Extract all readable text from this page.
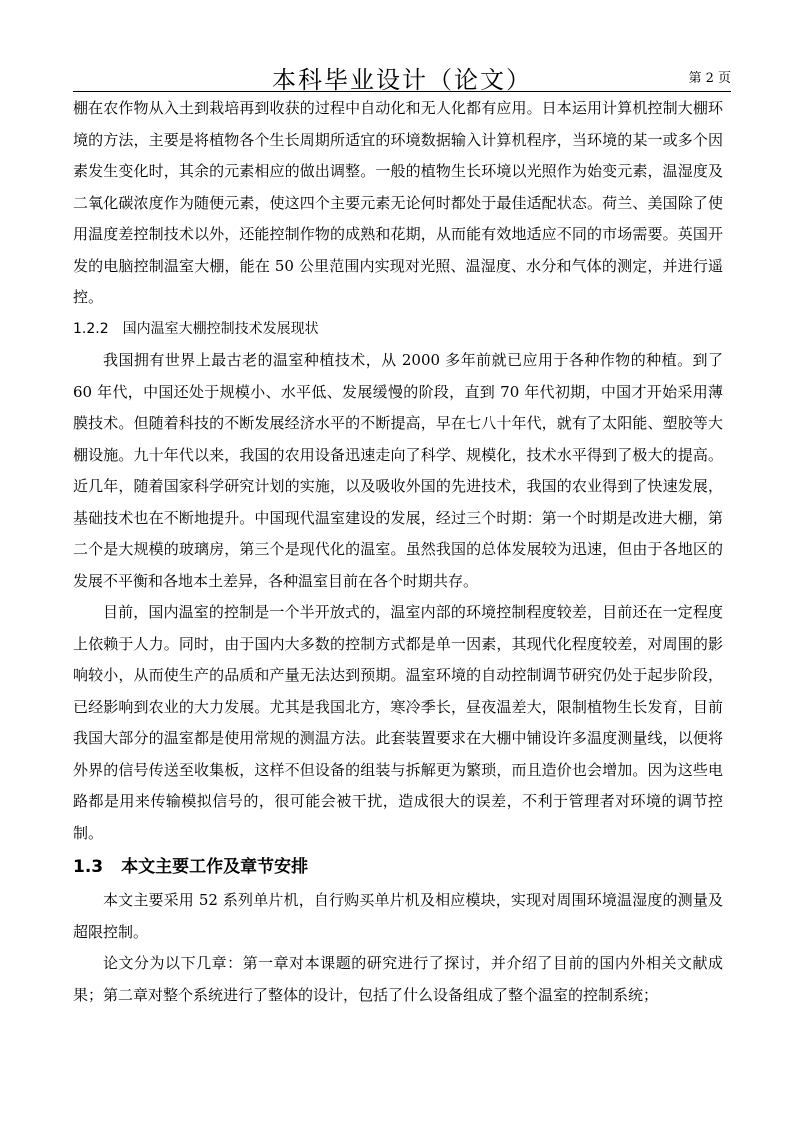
本科毕业设计（论文）	第 2 页

棚在农作物从入土到栽培再到收获的过程中自动化和无人化都有应用。日本运用计算机控制大棚环境的方法，主要是将植物各个生长周期所适宜的环境数据输入计算机程序，当环境的某一或多个因素发生变化时，其余的元素相应的做出调整。一般的植物生长环境以光照作为始变元素，温湿度及二氧化碳浓度作为随便元素，使这四个主要元素无论何时都处于最佳适配状态。荷兰、美国除了使用温度差控制技术以外，还能控制作物的成熟和花期，从而能有效地适应不同的市场需要。英国开发的电脑控制温室大棚，能在 50 公里范围内实现对光照、温湿度、水分和气体的测定，并进行遥控。

1.2.2 国内温室大棚控制技术发展现状

我国拥有世界上最古老的温室种植技术，从 2000 多年前就已应用于各种作物的种植。到了 60 年代，中国还处于规模小、水平低、发展缓慢的阶段，直到 70 年代初期，中国才开始采用薄膜技术。但随着科技的不断发展经济水平的不断提高，早在七八十年代，就有了太阳能、塑胶等大棚设施。九十年代以来，我国的农用设备迅速走向了科学、规模化，技术水平得到了极大的提高。近几年，随着国家科学研究计划的实施，以及吸收外国的先进技术，我国的农业得到了快速发展，基础技术也在不断地提升。中国现代温室建设的发展，经过三个时期：第一个时期是改进大棚，第二个是大规模的玻璃房，第三个是现代化的温室。虽然我国的总体发展较为迅速，但由于各地区的发展不平衡和各地本土差异，各种温室目前在各个时期共存。

目前，国内温室的控制是一个半开放式的，温室内部的环境控制程度较差，目前还在一定程度上依赖于人力。同时，由于国内大多数的控制方式都是单一因素，其现代化程度较差，对周围的影响较小，从而使生产的品质和产量无法达到预期。温室环境的自动控制调节研究仍处于起步阶段，已经影响到农业的大力发展。尤其是我国北方，寒冷季长，昼夜温差大，限制植物生长发育，目前我国大部分的温室都是使用常规的测温方法。此套装置要求在大棚中铺设许多温度测量线，以便将外界的信号传送至收集板，这样不但设备的组装与拆解更为繁琐，而且造价也会增加。因为这些电路都是用来传输模拟信号的，很可能会被干扰，造成很大的误差，不利于管理者对环境的调节控制。

1.3 本文主要工作及章节安排

本文主要采用 52 系列单片机，自行购买单片机及相应模块，实现对周围环境温湿度的测量及超限控制。

论文分为以下几章：第一章对本课题的研究进行了探讨，并介绍了目前的国内外相关文献成果；第二章对整个系统进行了整体的设计，包括了什么设备组成了整个温室的控制系统；
